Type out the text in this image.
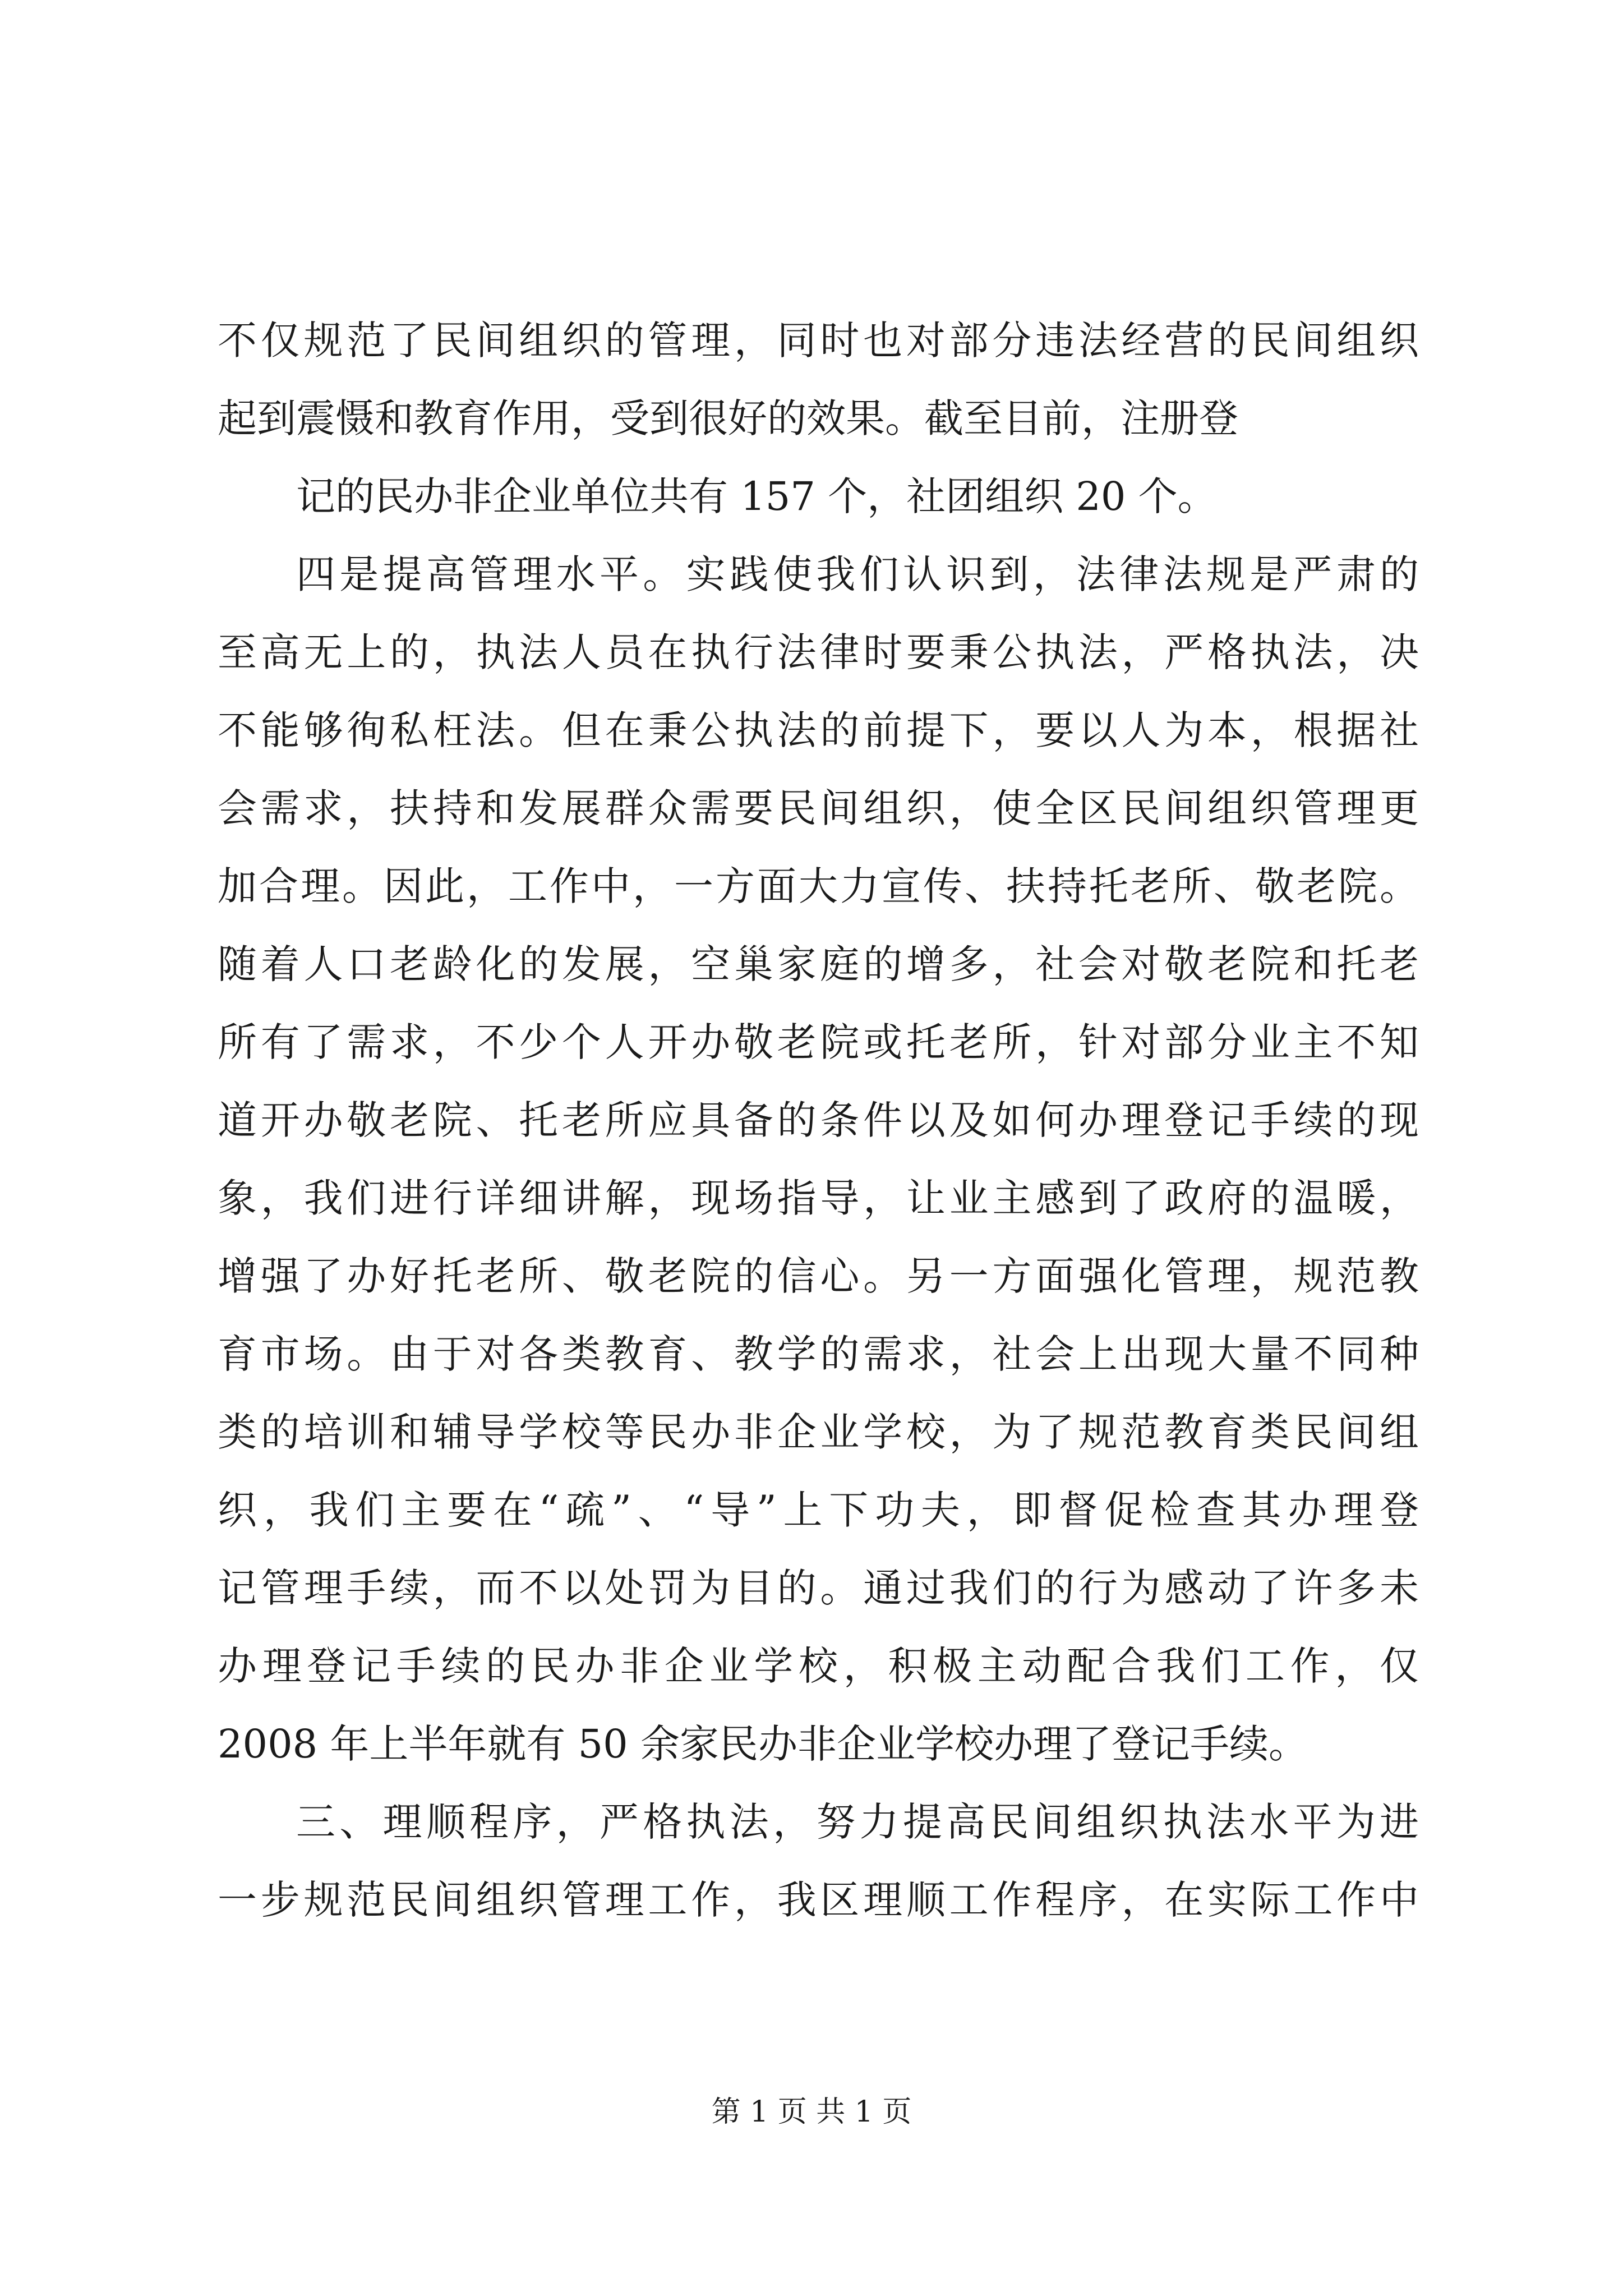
不仅规范了民间组织的管理，同时也对部分违法经营的民间组织
起到震慑和教育作用，受到很好的效果。截至目前，注册登
记的民办非企业单位共有 157 个，社团组织 20 个。
四是提高管理水平。实践使我们认识到，法律法规是严肃的
至高无上的，执法人员在执行法律时要秉公执法，严格执法，决
不能够徇私枉法。但在秉公执法的前提下，要以人为本，根据社
会需求，扶持和发展群众需要民间组织，使全区民间组织管理更
加合理。因此，工作中，一方面大力宣传、扶持托老所、敬老院。
随着人口老龄化的发展，空巢家庭的增多，社会对敬老院和托老
所有了需求，不少个人开办敬老院或托老所，针对部分业主不知
道开办敬老院、托老所应具备的条件以及如何办理登记手续的现
象，我们进行详细讲解，现场指导，让业主感到了政府的温暖，
增强了办好托老所、敬老院的信心。另一方面强化管理，规范教
育市场。由于对各类教育、教学的需求，社会上出现大量不同种
类的培训和辅导学校等民办非企业学校，为了规范教育类民间组
织，我们主要在“疏”、“导”上下功夫，即督促检查其办理登
记管理手续，而不以处罚为目的。通过我们的行为感动了许多未
办理登记手续的民办非企业学校，积极主动配合我们工作，仅
2008 年上半年就有 50 余家民办非企业学校办理了登记手续。
三、理顺程序，严格执法，努力提高民间组织执法水平为进
一步规范民间组织管理工作，我区理顺工作程序，在实际工作中
第 1 页 共 1 页
